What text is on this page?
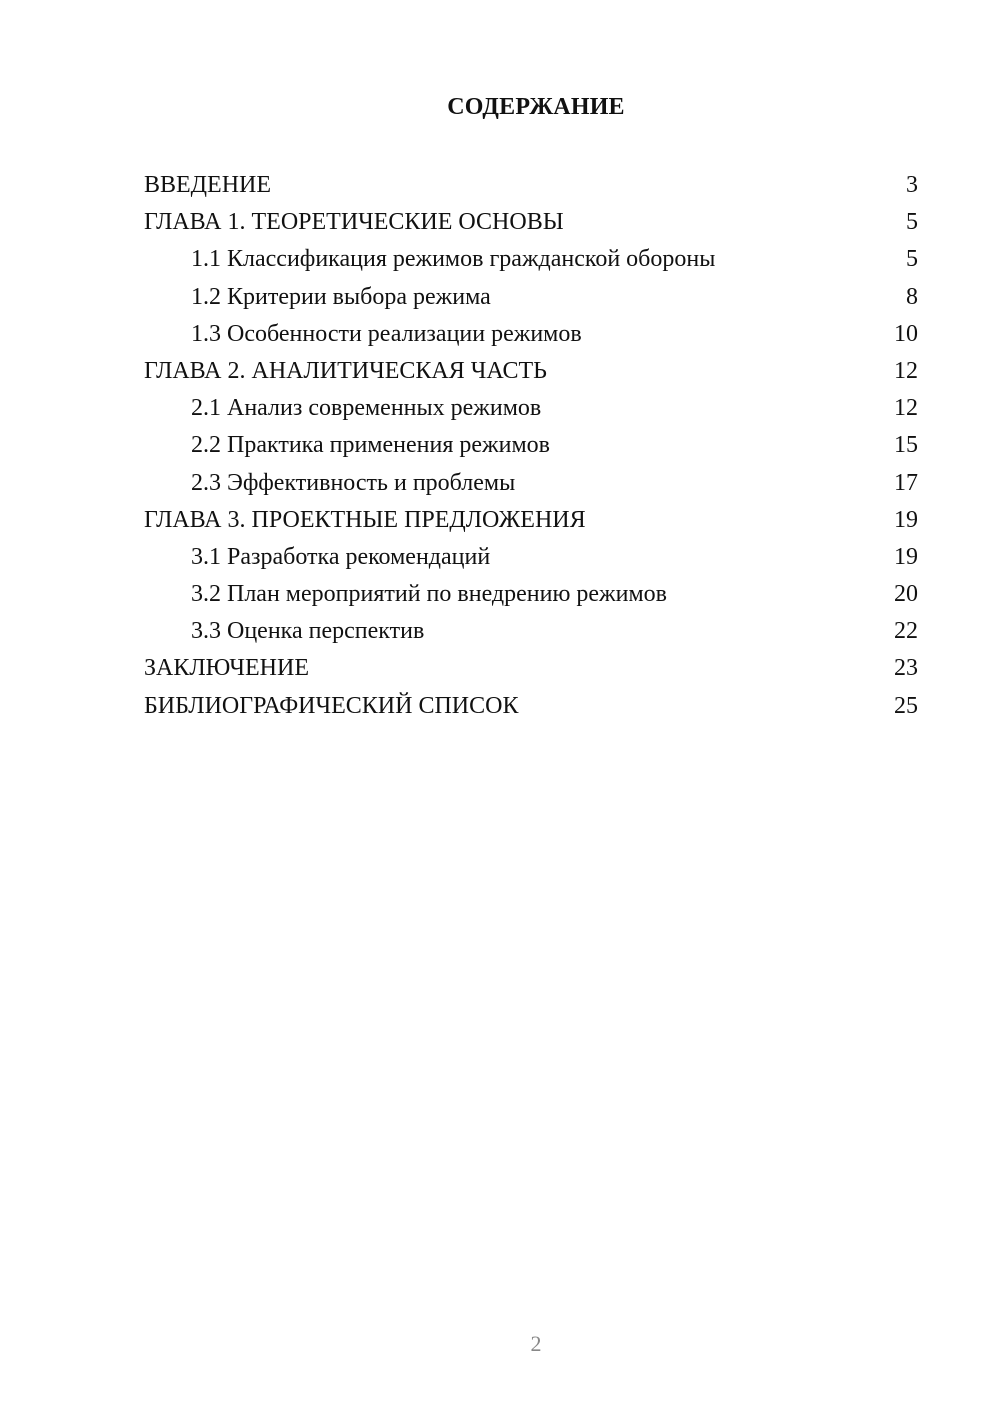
СОДЕРЖАНИЕ
ВВЕДЕНИЕ	3
ГЛАВА 1. ТЕОРЕТИЧЕСКИЕ ОСНОВЫ	5
1.1 Классификация режимов гражданской обороны	5
1.2 Критерии выбора режима	8
1.3 Особенности реализации режимов	10
ГЛАВА 2. АНАЛИТИЧЕСКАЯ ЧАСТЬ	12
2.1 Анализ современных режимов	12
2.2 Практика применения режимов	15
2.3 Эффективность и проблемы	17
ГЛАВА 3. ПРОЕКТНЫЕ ПРЕДЛОЖЕНИЯ	19
3.1 Разработка рекомендаций	19
3.2 План мероприятий по внедрению режимов	20
3.3 Оценка перспектив	22
ЗАКЛЮЧЕНИЕ	23
БИБЛИОГРАФИЧЕСКИЙ СПИСОК	25
2
